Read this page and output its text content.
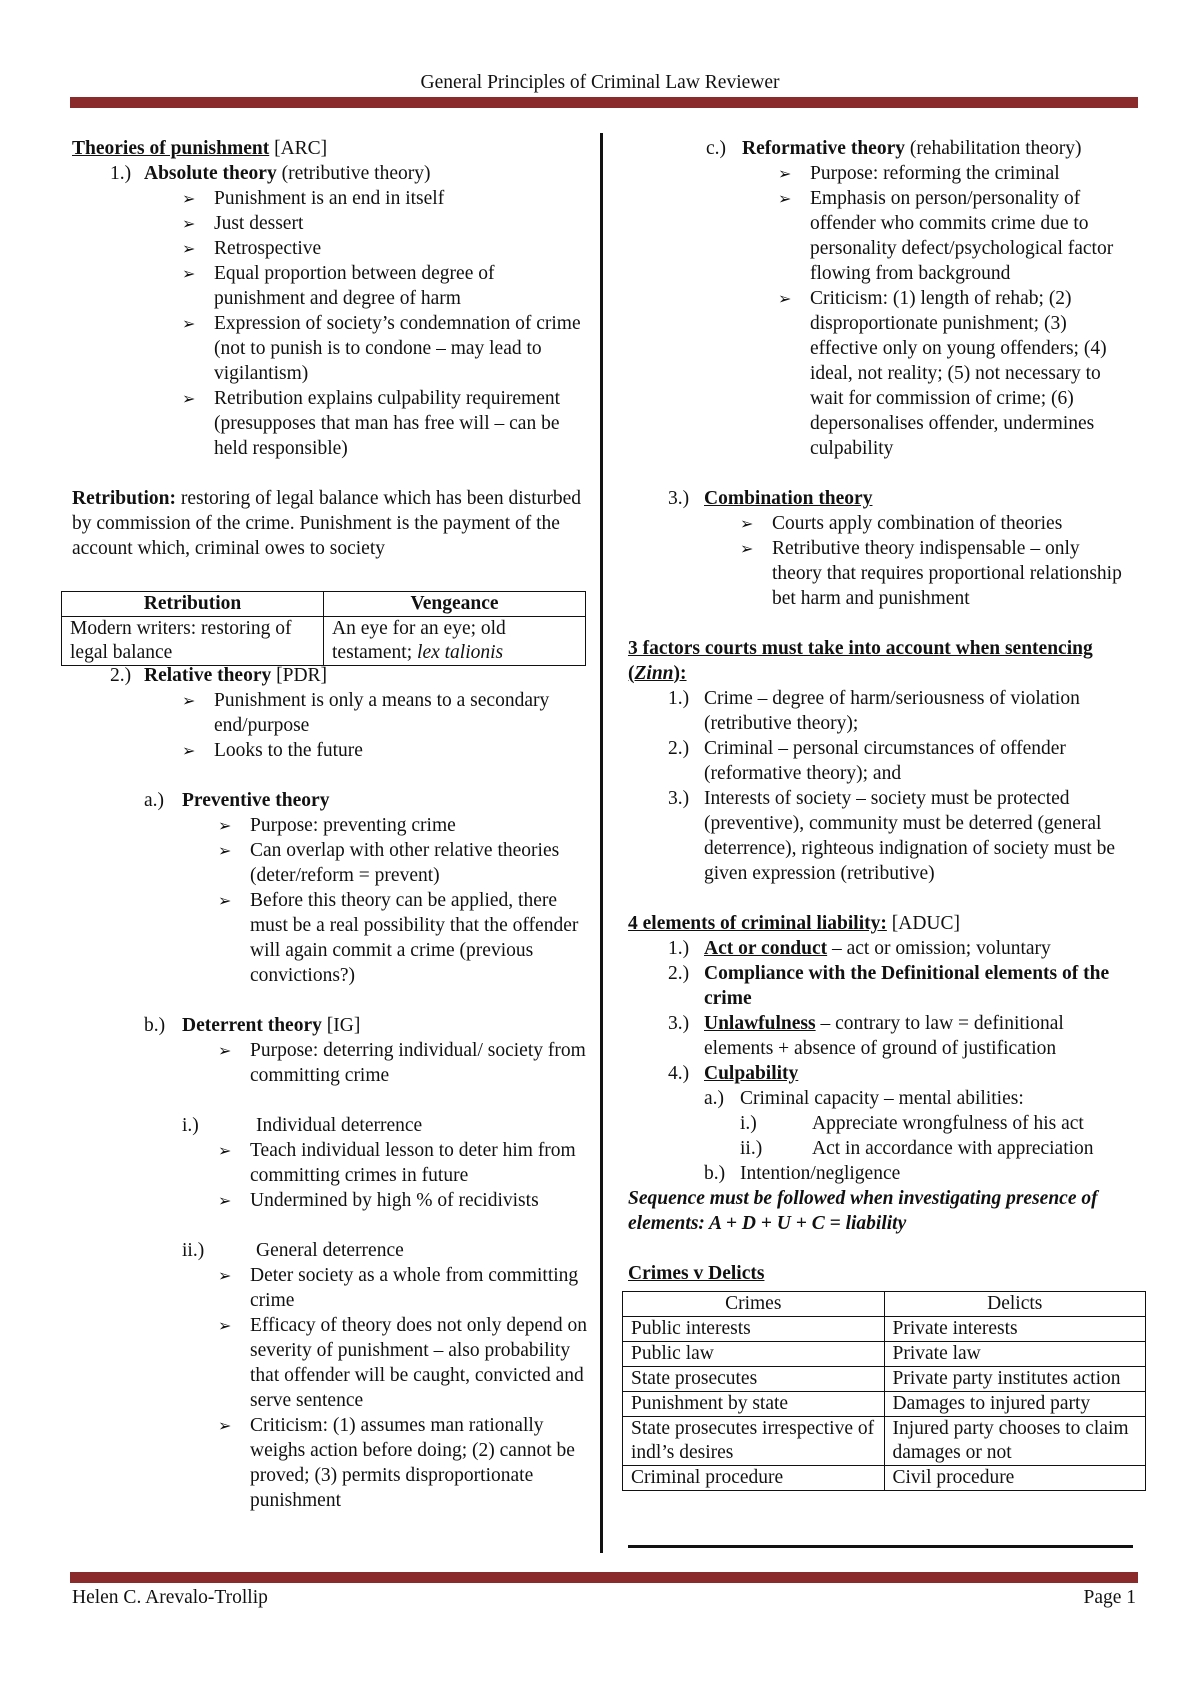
General Principles of Criminal Law Reviewer
Theories of punishment [ARC]
1.) Absolute theory (retributive theory)
➢ Punishment is an end in itself
➢ Just dessert
➢ Retrospective
➢ Equal proportion between degree of punishment and degree of harm
➢ Expression of society’s condemnation of crime (not to punish is to condone – may lead to vigilantism)
➢ Retribution explains culpability requirement (presupposes that man has free will – can be held responsible)
Retribution: restoring of legal balance which has been disturbed by commission of the crime. Punishment is the payment of the account which, criminal owes to society
Retribution	Vengeance
Modern writers: restoring of legal balance	An eye for an eye; old testament; lex talionis
2.) Relative theory [PDR]
➢ Punishment is only a means to a secondary end/purpose
➢ Looks to the future
a.) Preventive theory
➢ Purpose: preventing crime
➢ Can overlap with other relative theories (deter/reform = prevent)
➢ Before this theory can be applied, there must be a real possibility that the offender will again commit a crime (previous convictions?)
b.) Deterrent theory [IG]
➢ Purpose: deterring individual/ society from committing crime
i.)	Individual deterrence
➢ Teach individual lesson to deter him from committing crimes in future
➢ Undermined by high % of recidivists
ii.)	General deterrence
➢ Deter society as a whole from committing crime
➢ Efficacy of theory does not only depend on severity of punishment – also probability that offender will be caught, convicted and serve sentence
➢ Criticism: (1) assumes man rationally weighs action before doing; (2) cannot be proved; (3) permits disproportionate punishment
c.) Reformative theory (rehabilitation theory)
➢ Purpose: reforming the criminal
➢ Emphasis on person/personality of offender who commits crime due to personality defect/psychological factor flowing from background
➢ Criticism: (1) length of rehab; (2) disproportionate punishment; (3) effective only on young offenders; (4) ideal, not reality; (5) not necessary to wait for commission of crime; (6) depersonalises offender, undermines culpability
3.) Combination theory
➢ Courts apply combination of theories
➢ Retributive theory indispensable – only theory that requires proportional relationship bet harm and punishment
3 factors courts must take into account when sentencing (Zinn):
1.) Crime – degree of harm/seriousness of violation (retributive theory);
2.) Criminal – personal circumstances of offender (reformative theory); and
3.) Interests of society – society must be protected (preventive), community must be deterred (general deterrence), righteous indignation of society must be given expression (retributive)
4 elements of criminal liability: [ADUC]
1.) Act or conduct – act or omission; voluntary
2.) Compliance with the Definitional elements of the crime
3.) Unlawfulness – contrary to law = definitional elements + absence of ground of justification
4.) Culpability
a.) Criminal capacity – mental abilities:
i.)	Appreciate wrongfulness of his act
ii.)	Act in accordance with appreciation
b.) Intention/negligence
Sequence must be followed when investigating presence of elements: A + D + U + C = liability
Crimes v Delicts
Crimes	Delicts
Public interests	Private interests
Public law	Private law
State prosecutes	Private party institutes action
Punishment by state	Damages to injured party
State prosecutes irrespective of indl’s desires	Injured party chooses to claim damages or not
Criminal procedure	Civil procedure
Helen C. Arevalo-Trollip	Page 1
